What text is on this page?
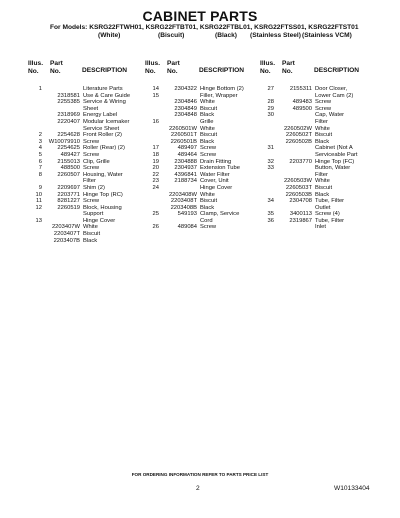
CABINET PARTS
For Models: KSRG22FTWH01, KSRG22FTBT01, KSRG22FTBL01, KSRG22FTSS01, KSRG22FTST01
(White)	(Biscuit)	(Black) (Stainless Steel) (Stainless VCM)
Illus.
No.
Part
No.	DESCRIPTION
1	Literature Parts
2318581 Use & Care Guide
2255385 Service & Wiring
Sheet
2318969 Energy Label
2220407 Modular Icemaker
Service Sheet
2	2254628 Front Roller (2)
3	W10079910 Screw
4	2254625 Roller (Rear) (2)
5	489427 Screw
6	2155013 Clip, Grille
7	488500 Screw
8	2260507 Housing, Water
Filter
9	2209697 Shim (2)
10	2203771 Hinge Top (RC)
11	8281227 Screw
12	2260519 Block, Housing
Support
13	Hinge Cover
2203407W White
2203407T Biscuit
2203407B Black
Illus.
No.
Part
No.	DESCRIPTION
14	2304322 Hinge Bottom (2)
15	Filler, Wrapper
2304846 White
2304849 Biscuit
2304848 Black
16	Grille
2260501W White
2260501T Biscuit
2260501B Black
17	489497 Screw
18	489464 Screw
19	2304888 Drain Fitting
20	2304937 Extension Tube
22	4396841 Water Filter
23	2188734 Cover, Unit
24	Hinge Cover
2203408W White
2203408T Biscuit
2203408B Black
25	549193 Clamp, Service
Cord
26	489084 Screw
Illus.
No.
Part
No.	DESCRIPTION
27	2155311 Door Closer,
Lower Cam (2)
28	489483 Screw
29	489500 Screw
30	Cap, Water
Filter
2260502W White
2260502T Biscuit
2260502B Black
31	Cabinet (Not A
Serviceable Part
32	2203770 Hinge Top (FC)
33	Button, Water
Filter
2260503W White
2260503T Biscuit
2260503B Black
34	2304708 Tube, Filter
Outlet
35	3400113 Screw (4)
36	2319867 Tube, Filter
Inlet
FOR ORDERING INFORMATION REFER TO PARTS PRICE LIST
2	W10133404
